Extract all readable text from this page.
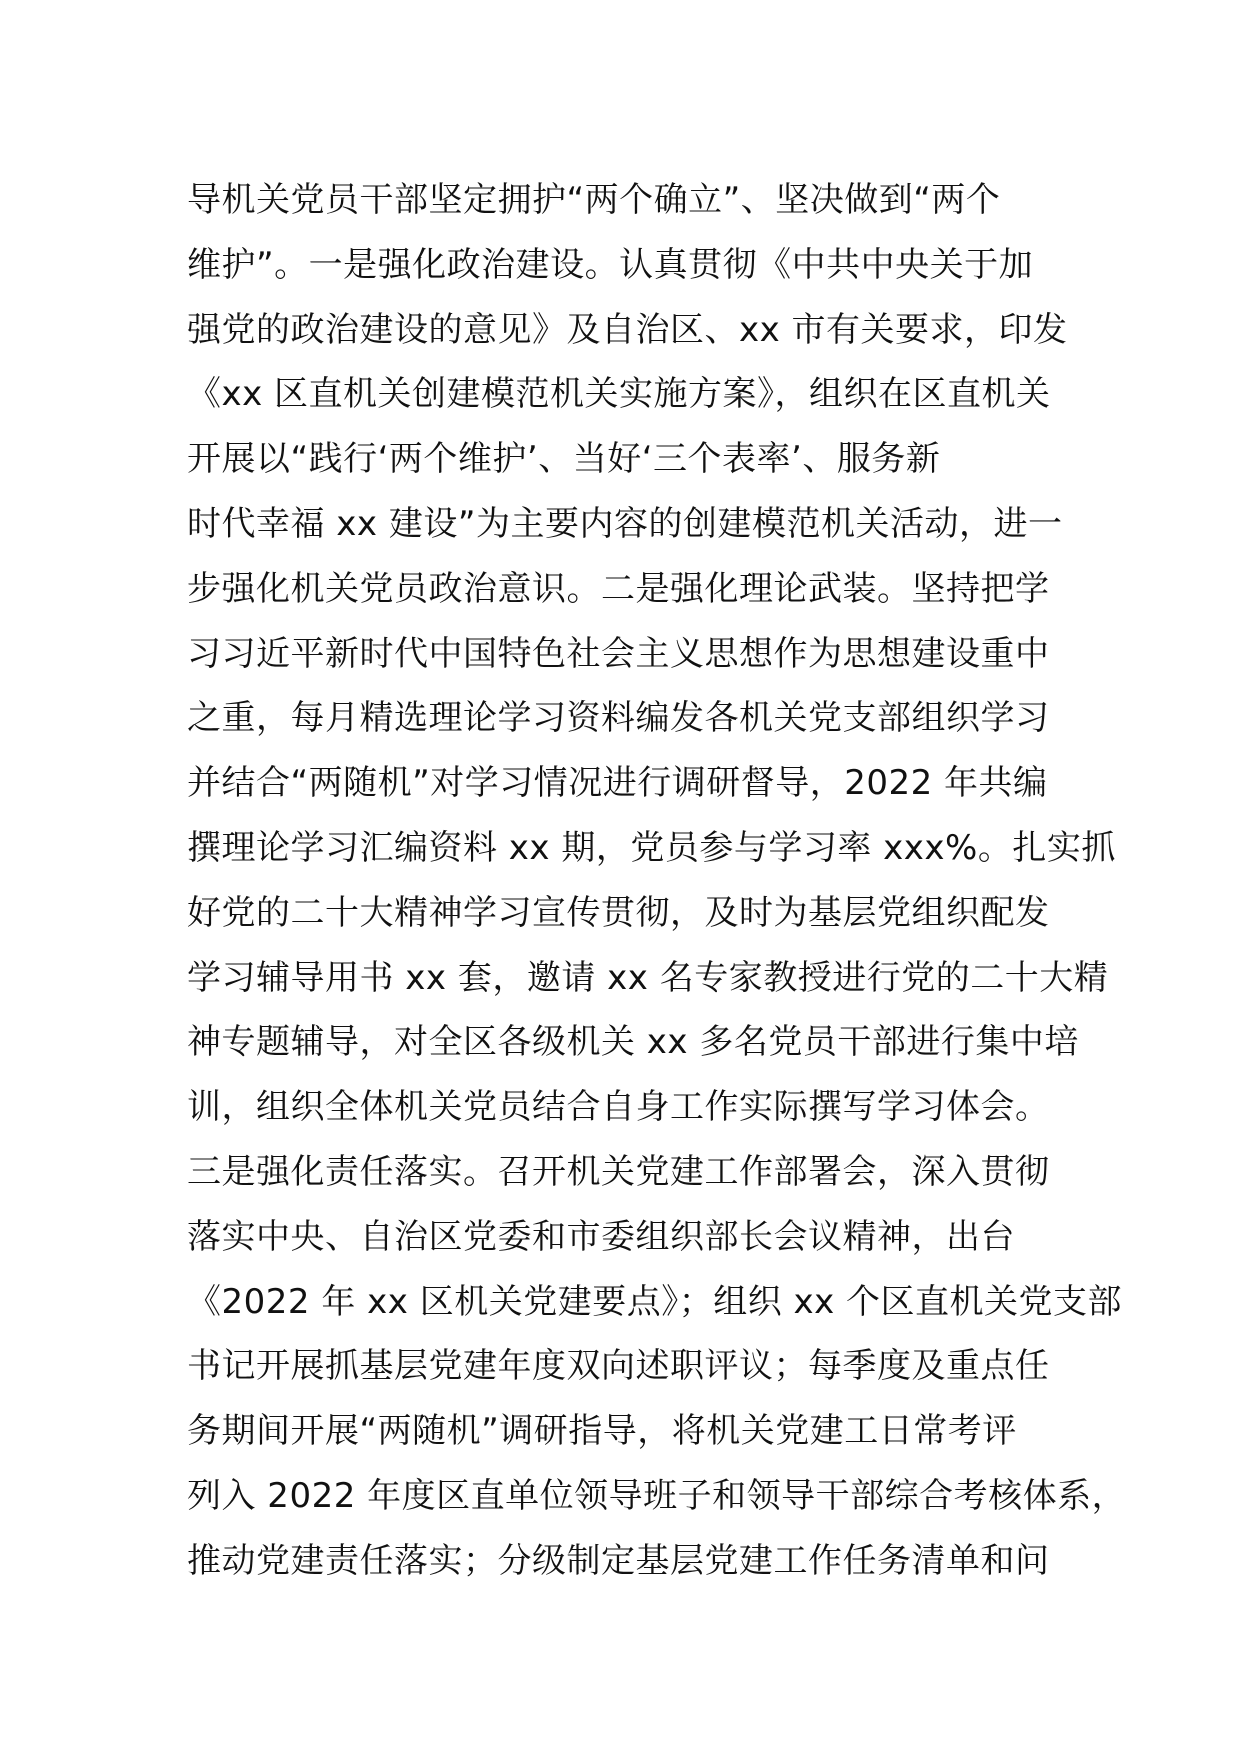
导机关党员干部坚定拥护“两个确立”、坚决做到“两个
维护”。一是强化政治建设。认真贯彻《中共中央关于加
强党的政治建设的意见》及自治区、xx 市有关要求，印发
《xx 区直机关创建模范机关实施方案》，组织在区直机关
开展以“践行‘两个维护’、当好‘三个表率’、服务新
时代幸福 xx 建设”为主要内容的创建模范机关活动，进一
步强化机关党员政治意识。二是强化理论武装。坚持把学
习习近平新时代中国特色社会主义思想作为思想建设重中
之重，每月精选理论学习资料编发各机关党支部组织学习
并结合“两随机”对学习情况进行调研督导，2022 年共编
撰理论学习汇编资料 xx 期，党员参与学习率 xxx%。扎实抓
好党的二十大精神学习宣传贯彻，及时为基层党组织配发
学习辅导用书 xx 套，邀请 xx 名专家教授进行党的二十大精
神专题辅导，对全区各级机关 xx 多名党员干部进行集中培
训，组织全体机关党员结合自身工作实际撰写学习体会。
三是强化责任落实。召开机关党建工作部署会，深入贯彻
落实中央、自治区党委和市委组织部长会议精神，出台
《2022 年 xx 区机关党建要点》；组织 xx 个区直机关党支部
书记开展抓基层党建年度双向述职评议；每季度及重点任
务期间开展“两随机”调研指导，将机关党建工日常考评
列入 2022 年度区直单位领导班子和领导干部综合考核体系，
推动党建责任落实；分级制定基层党建工作任务清单和问
